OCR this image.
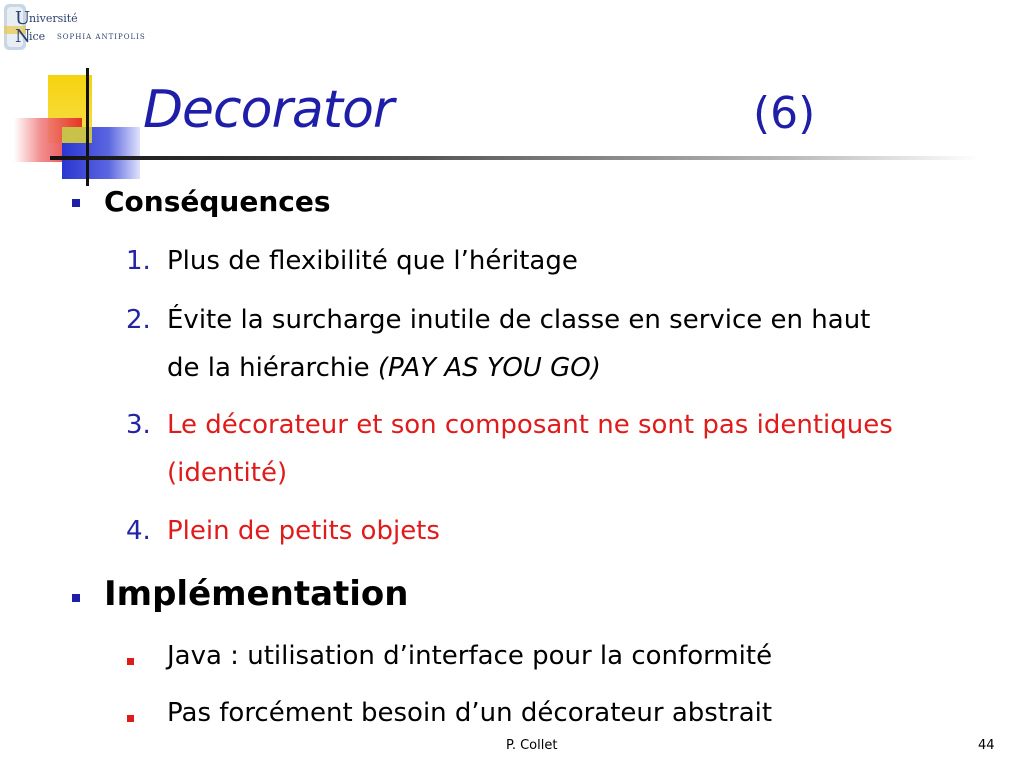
U
niversité
N
ice SOPHIA ANTIPOLIS
Decorator	(6)
Conséquences
1. Plus de flexibilité que l’héritage
2. Évite la surcharge inutile de classe en service en haut
de la hiérarchie (PAY AS YOU GO)
3. Le décorateur et son composant ne sont pas identiques
(identité)
4. Plein de petits objets
Implémentation
Java : utilisation d’interface pour la conformité
Pas forcément besoin d’un décorateur abstrait
P. Collet	44
